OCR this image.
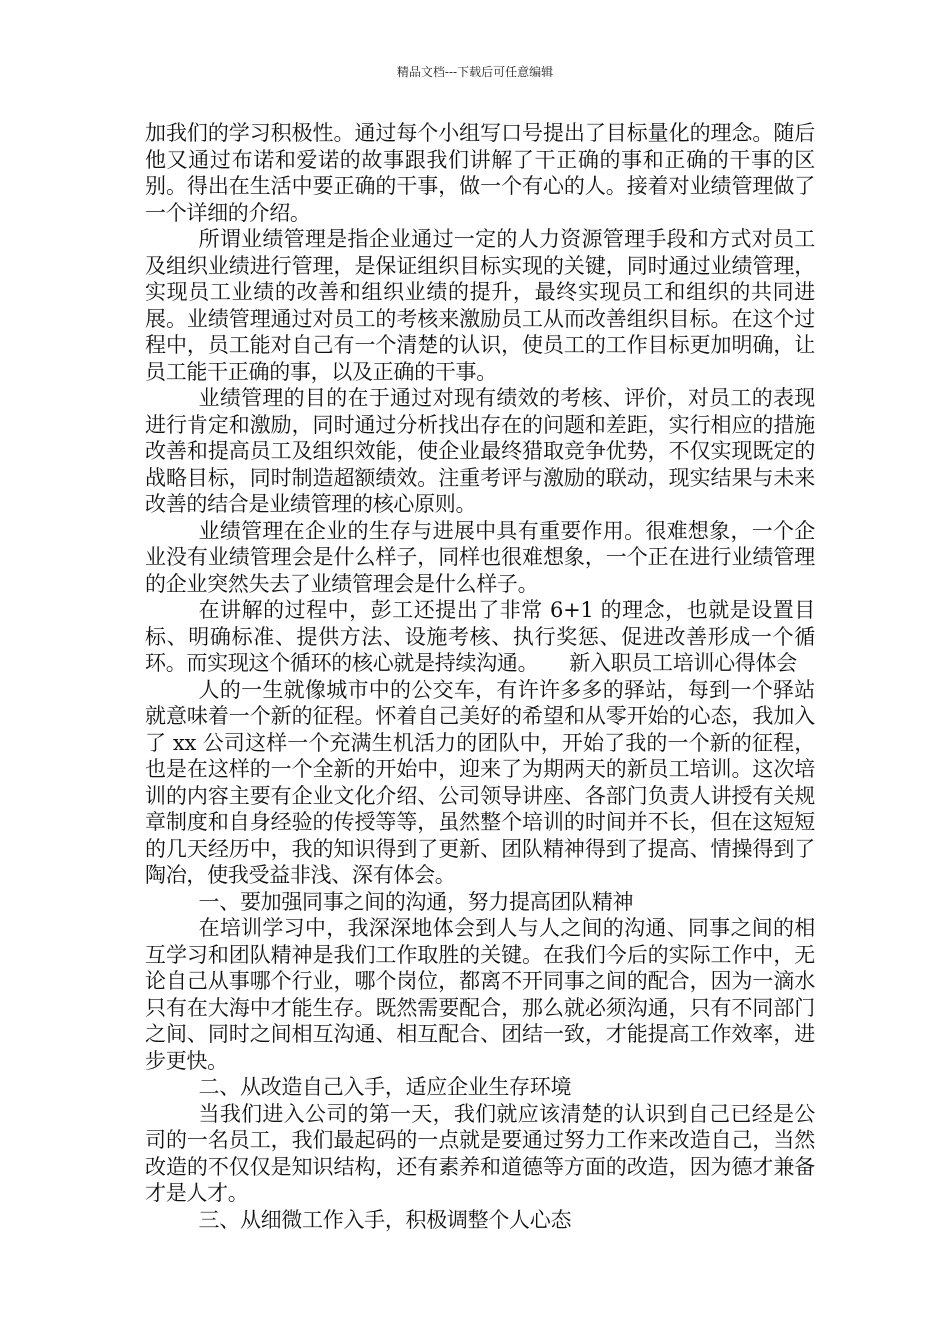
精品文档---下载后可任意编辑

加我们的学习积极性。通过每个小组写口号提出了目标量化的理念。随后他又通过布诺和爱诺的故事跟我们讲解了干正确的事和正确的干事的区别。得出在生活中要正确的干事，做一个有心的人。接着对业绩管理做了一个详细的介绍。

所谓业绩管理是指企业通过一定的人力资源管理手段和方式对员工及组织业绩进行管理，是保证组织目标实现的关键，同时通过业绩管理，实现员工业绩的改善和组织业绩的提升，最终实现员工和组织的共同进展。业绩管理通过对员工的考核来激励员工从而改善组织目标。在这个过程中，员工能对自己有一个清楚的认识，使员工的工作目标更加明确，让员工能干正确的事，以及正确的干事。

业绩管理的目的在于通过对现有绩效的考核、评价，对员工的表现进行肯定和激励，同时通过分析找出存在的问题和差距，实行相应的措施改善和提高员工及组织效能，使企业最终猎取竞争优势，不仅实现既定的战略目标，同时制造超额绩效。注重考评与激励的联动，现实结果与未来改善的结合是业绩管理的核心原则。

业绩管理在企业的生存与进展中具有重要作用。很难想象，一个企业没有业绩管理会是什么样子，同样也很难想象，一个正在进行业绩管理的企业突然失去了业绩管理会是什么样子。

在讲解的过程中，彭工还提出了非常 6+1 的理念，也就是设置目标、明确标准、提供方法、设施考核、执行奖惩、促进改善形成一个循环。而实现这个循环的核心就是持续沟通。　　新入职员工培训心得体会

人的一生就像城市中的公交车，有许许多多的驿站，每到一个驿站就意味着一个新的征程。怀着自己美好的希望和从零开始的心态，我加入了 xx 公司这样一个充满生机活力的团队中，开始了我的一个新的征程，也是在这样的一个全新的开始中，迎来了为期两天的新员工培训。这次培训的内容主要有企业文化介绍、公司领导讲座、各部门负责人讲授有关规章制度和自身经验的传授等等，虽然整个培训的时间并不长，但在这短短的几天经历中，我的知识得到了更新、团队精神得到了提高、情操得到了陶冶，使我受益非浅、深有体会。

一、要加强同事之间的沟通，努力提高团队精神

在培训学习中，我深深地体会到人与人之间的沟通、同事之间的相互学习和团队精神是我们工作取胜的关键。在我们今后的实际工作中，无论自己从事哪个行业，哪个岗位，都离不开同事之间的配合，因为一滴水只有在大海中才能生存。既然需要配合，那么就必须沟通，只有不同部门之间、同时之间相互沟通、相互配合、团结一致，才能提高工作效率，进步更快。

二、从改造自己入手，适应企业生存环境

当我们进入公司的第一天，我们就应该清楚的认识到自己已经是公司的一名员工，我们最起码的一点就是要通过努力工作来改造自己，当然改造的不仅仅是知识结构，还有素养和道德等方面的改造，因为德才兼备才是人才。

三、从细微工作入手，积极调整个人心态
